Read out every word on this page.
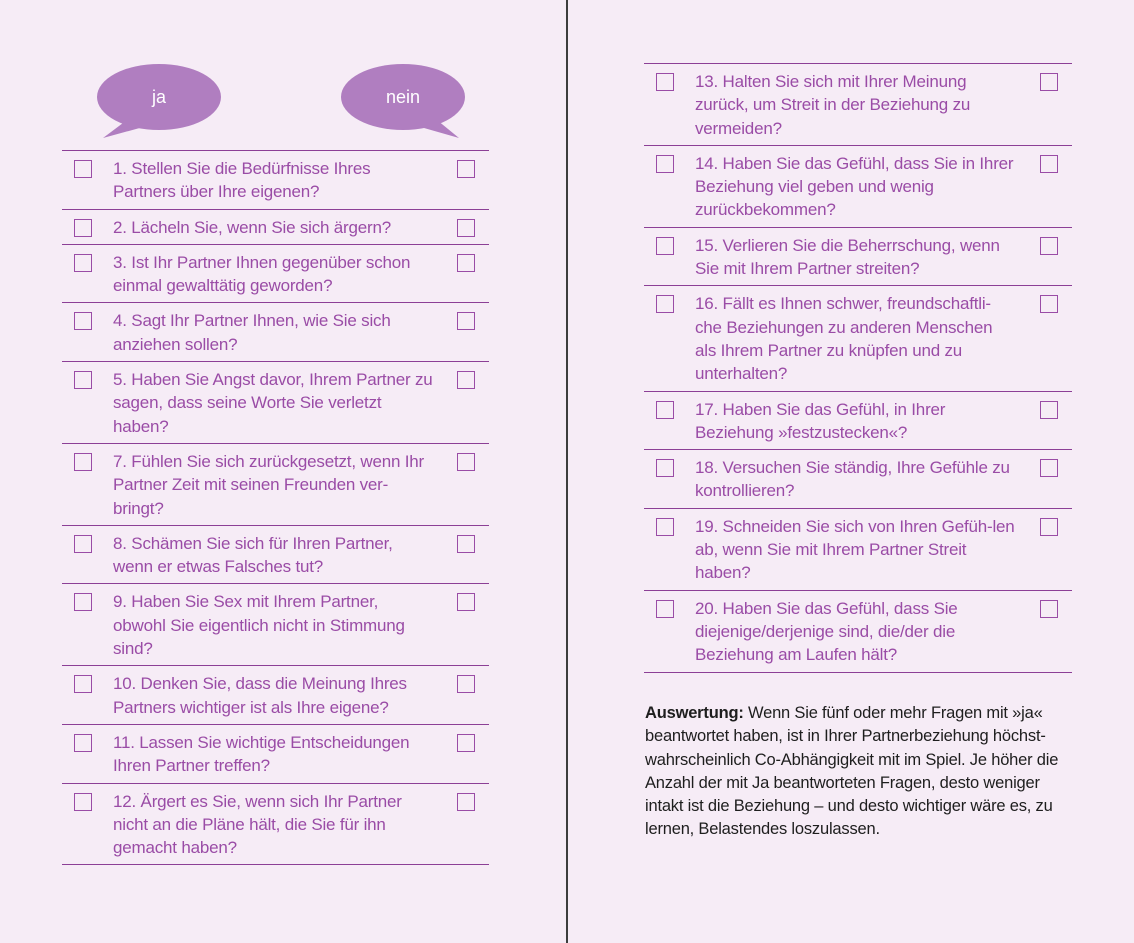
ja	nein
1. Stellen Sie die Bedürfnisse Ihres Partners über Ihre eigenen?
2. Lächeln Sie, wenn Sie sich ärgern?
3. Ist Ihr Partner Ihnen gegenüber schon einmal gewalttätig geworden?
4. Sagt Ihr Partner Ihnen, wie Sie sich anziehen sollen?
5. Haben Sie Angst davor, Ihrem Partner zu sagen, dass seine Worte Sie verletzt haben?
7. Fühlen Sie sich zurückgesetzt, wenn Ihr Partner Zeit mit seinen Freunden ver-bringt?
8. Schämen Sie sich für Ihren Partner, wenn er etwas Falsches tut?
9. Haben Sie Sex mit Ihrem Partner, obwohl Sie eigentlich nicht in Stimmung sind?
10. Denken Sie, dass die Meinung Ihres Partners wichtiger ist als Ihre eigene?
11. Lassen Sie wichtige Entscheidungen Ihren Partner treffen?
12. Ärgert es Sie, wenn sich Ihr Partner nicht an die Pläne hält, die Sie für ihn gemacht haben?
13. Halten Sie sich mit Ihrer Meinung zurück, um Streit in der Beziehung zu vermeiden?
14. Haben Sie das Gefühl, dass Sie in Ihrer Beziehung viel geben und wenig zurückbekommen?
15. Verlieren Sie die Beherrschung, wenn Sie mit Ihrem Partner streiten?
16. Fällt es Ihnen schwer, freundschaftli-che Beziehungen zu anderen Menschen als Ihrem Partner zu knüpfen und zu unterhalten?
17. Haben Sie das Gefühl, in Ihrer Beziehung »festzustecken«?
18. Versuchen Sie ständig, Ihre Gefühle zu kontrollieren?
19. Schneiden Sie sich von Ihren Gefüh-len ab, wenn Sie mit Ihrem Partner Streit haben?
20. Haben Sie das Gefühl, dass Sie diejenige/derjenige sind, die/der die Beziehung am Laufen hält?
Auswertung: Wenn Sie fünf oder mehr Fragen mit »ja« beantwortet haben, ist in Ihrer Partnerbeziehung höchst-wahrscheinlich Co-Abhängigkeit mit im Spiel. Je höher die Anzahl der mit Ja beantworteten Fragen, desto weniger intakt ist die Beziehung – und desto wichtiger wäre es, zu lernen, Belastendes loszulassen.
